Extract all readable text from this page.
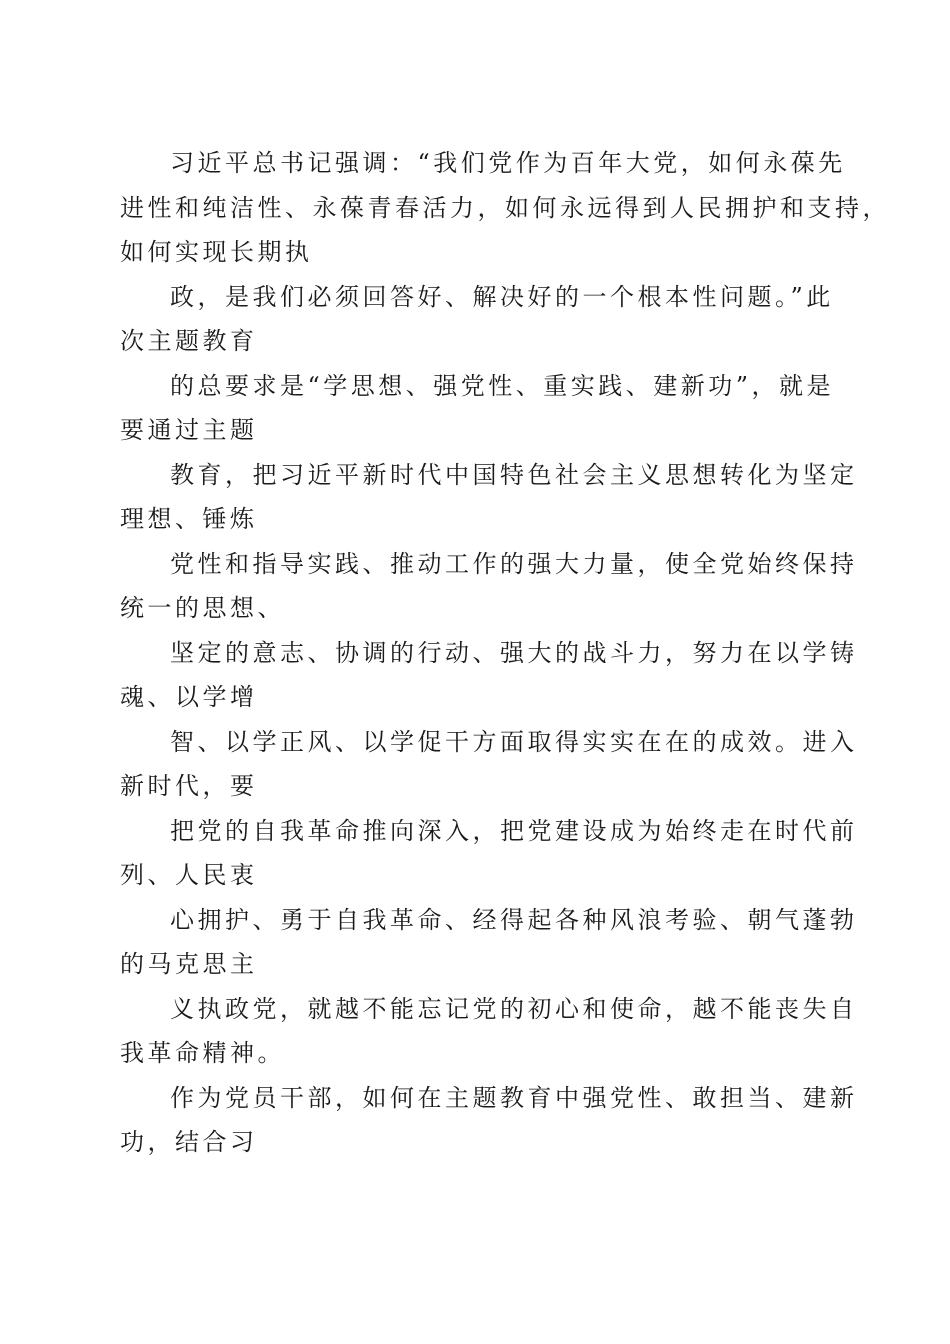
习近平总书记强调：“我们党作为百年大党，如何永葆先
进性和纯洁性、永葆青春活力，如何永远得到人民拥护和支持，
如何实现长期执
政，是我们必须回答好、解决好的一个根本性问题。”此
次主题教育
的总要求是“学思想、强党性、重实践、建新功”，就是
要通过主题
教育，把习近平新时代中国特色社会主义思想转化为坚定
理想、锤炼
党性和指导实践、推动工作的强大力量，使全党始终保持
统一的思想、
坚定的意志、协调的行动、强大的战斗力，努力在以学铸
魂、以学增
智、以学正风、以学促干方面取得实实在在的成效。进入
新时代，要
把党的自我革命推向深入，把党建设成为始终走在时代前
列、人民衷
心拥护、勇于自我革命、经得起各种风浪考验、朝气蓬勃
的马克思主
义执政党，就越不能忘记党的初心和使命，越不能丧失自
我革命精神。
作为党员干部，如何在主题教育中强党性、敢担当、建新
功，结合习
